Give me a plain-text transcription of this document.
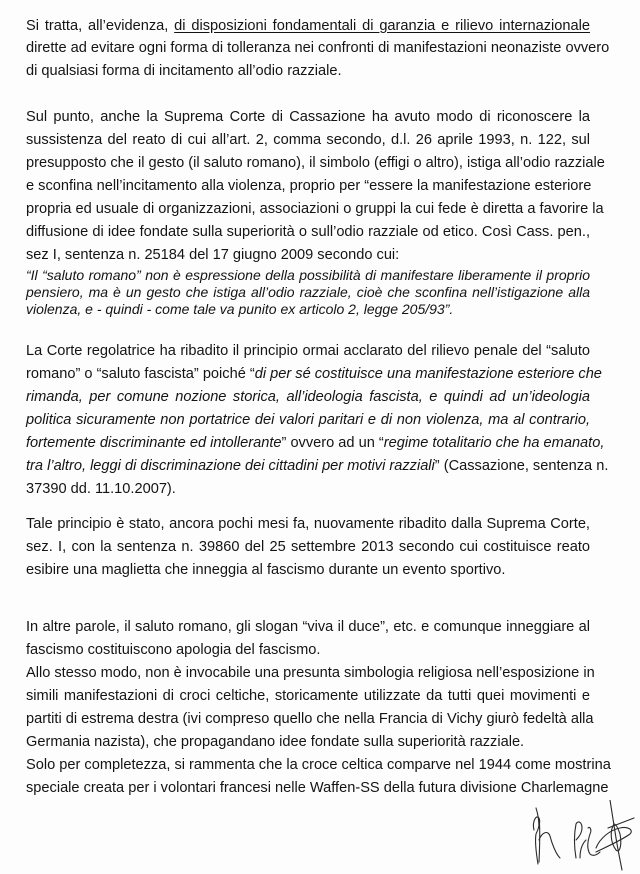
Si tratta, all’evidenza, di disposizioni fondamentali di garanzia e rilievo internazionale
dirette ad evitare ogni forma di tolleranza nei confronti di manifestazioni neonaziste ovvero
di qualsiasi forma di incitamento all’odio razziale.
Sul punto, anche la Suprema Corte di Cassazione ha avuto modo di riconoscere la
sussistenza del reato di cui all’art. 2, comma secondo, d.l. 26 aprile 1993, n. 122, sul
presupposto che il gesto (il saluto romano), il simbolo (effigi o altro), istiga all’odio razziale
e sconfina nell’incitamento alla violenza, proprio per “essere la manifestazione esteriore
propria ed usuale di organizzazioni, associazioni o gruppi la cui fede è diretta a favorire la
diffusione di idee fondate sulla superiorità o sull’odio razziale od etico. Così Cass. pen.,
sez I, sentenza n. 25184 del 17 giugno 2009 secondo cui:
“Il “saluto romano” non è espressione della possibilità di manifestare liberamente il proprio
pensiero, ma è un gesto che istiga all’odio razziale, cioè che sconfina nell’istigazione alla
violenza, e - quindi - come tale va punito ex articolo 2, legge 205/93”.
La Corte regolatrice ha ribadito il principio ormai acclarato del rilievo penale del “saluto
romano” o “saluto fascista” poiché “di per sé costituisce una manifestazione esteriore che
rimanda, per comune nozione storica, all’ideologia fascista, e quindi ad un’ideologia
politica sicuramente non portatrice dei valori paritari e di non violenza, ma al contrario,
fortemente discriminante ed intollerante” ovvero ad un “regime totalitario che ha emanato,
tra l’altro, leggi di discriminazione dei cittadini per motivi razziali” (Cassazione, sentenza n.
37390 dd. 11.10.2007).
Tale principio è stato, ancora pochi mesi fa, nuovamente ribadito dalla Suprema Corte,
sez. I, con la sentenza n. 39860 del 25 settembre 2013 secondo cui costituisce reato
esibire una maglietta che inneggia al fascismo durante un evento sportivo.
In altre parole, il saluto romano, gli slogan “viva il duce”, etc. e comunque inneggiare al
fascismo costituiscono apologia del fascismo.
Allo stesso modo, non è invocabile una presunta simbologia religiosa nell’esposizione in
simili manifestazioni di croci celtiche, storicamente utilizzate da tutti quei movimenti e
partiti di estrema destra (ivi compreso quello che nella Francia di Vichy giurò fedeltà alla
Germania nazista), che propagandano idee fondate sulla superiorità razziale.
Solo per completezza, si rammenta che la croce celtica comparve nel 1944 come mostrina
speciale creata per i volontari francesi nelle Waffen-SS della futura divisione Charlemagne
